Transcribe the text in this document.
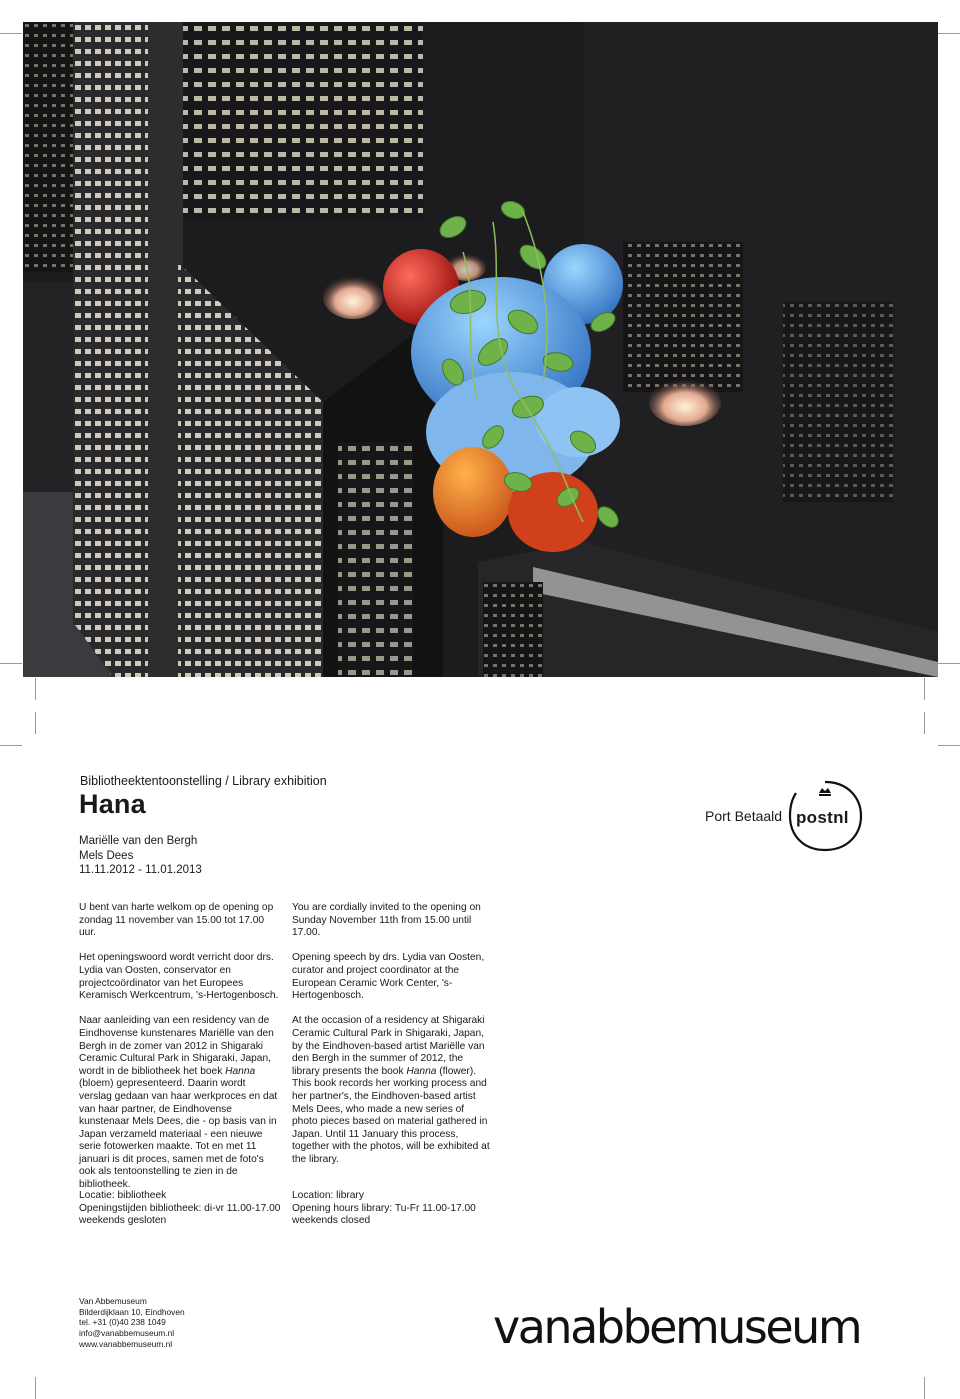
Bibliotheektentoonstelling / Library exhibition
Hana
Mariëlle van den Bergh
Mels Dees
11.11.2012 - 11.01.2013

U bent van harte welkom op de opening op zondag 11 november van 15.00 tot 17.00 uur.

Het openingswoord wordt verricht door drs. Lydia van Oosten, conservator en projectcoördinator van het Europees Keramisch Werkcentrum, 's-Hertogenbosch.

Naar aanleiding van een residency van de Eindhovense kunstenares Mariëlle van den Bergh in de zomer van 2012 in Shigaraki Ceramic Cultural Park in Shigaraki, Japan, wordt in de bibliotheek het boek Hanna (bloem) gepresenteerd. Daarin wordt verslag gedaan van haar werkproces en dat van haar partner, de Eindhovense kunstenaar Mels Dees, die - op basis van in Japan verzameld materiaal - een nieuwe serie fotowerken maakte. Tot en met 11 januari is dit proces, samen met de foto's ook als tentoonstelling te zien in de bibliotheek.

Locatie: bibliotheek
Openingstijden bibliotheek: di-vr 11.00-17.00
weekends gesloten

You are cordially invited to the opening on Sunday November 11th from 15.00 until 17.00.

Opening speech by drs. Lydia van Oosten, curator and project coordinator at the European Ceramic Work Center, 's-Hertogenbosch.

At the occasion of a residency at Shigaraki Ceramic Cultural Park in Shigaraki, Japan, by the Eindhoven-based artist Mariëlle van den Bergh in the summer of 2012, the library presents the book Hanna (flower). This book records her working process and her partner's, the Eindhoven-based artist Mels Dees, who made a new series of photo pieces based on material gathered in Japan. Until 11 January this process, together with the photos, will be exhibited at the library.

Location: library
Opening hours library: Tu-Fr 11.00-17.00
weekends closed
Port Betaald postnl
Van Abbemuseum
Bilderdijklaan 10, Eindhoven
tel. +31 (0)40 238 1049
info@vanabbemuseum.nl
www.vanabbemuseum.nl	vanabbemuseum
